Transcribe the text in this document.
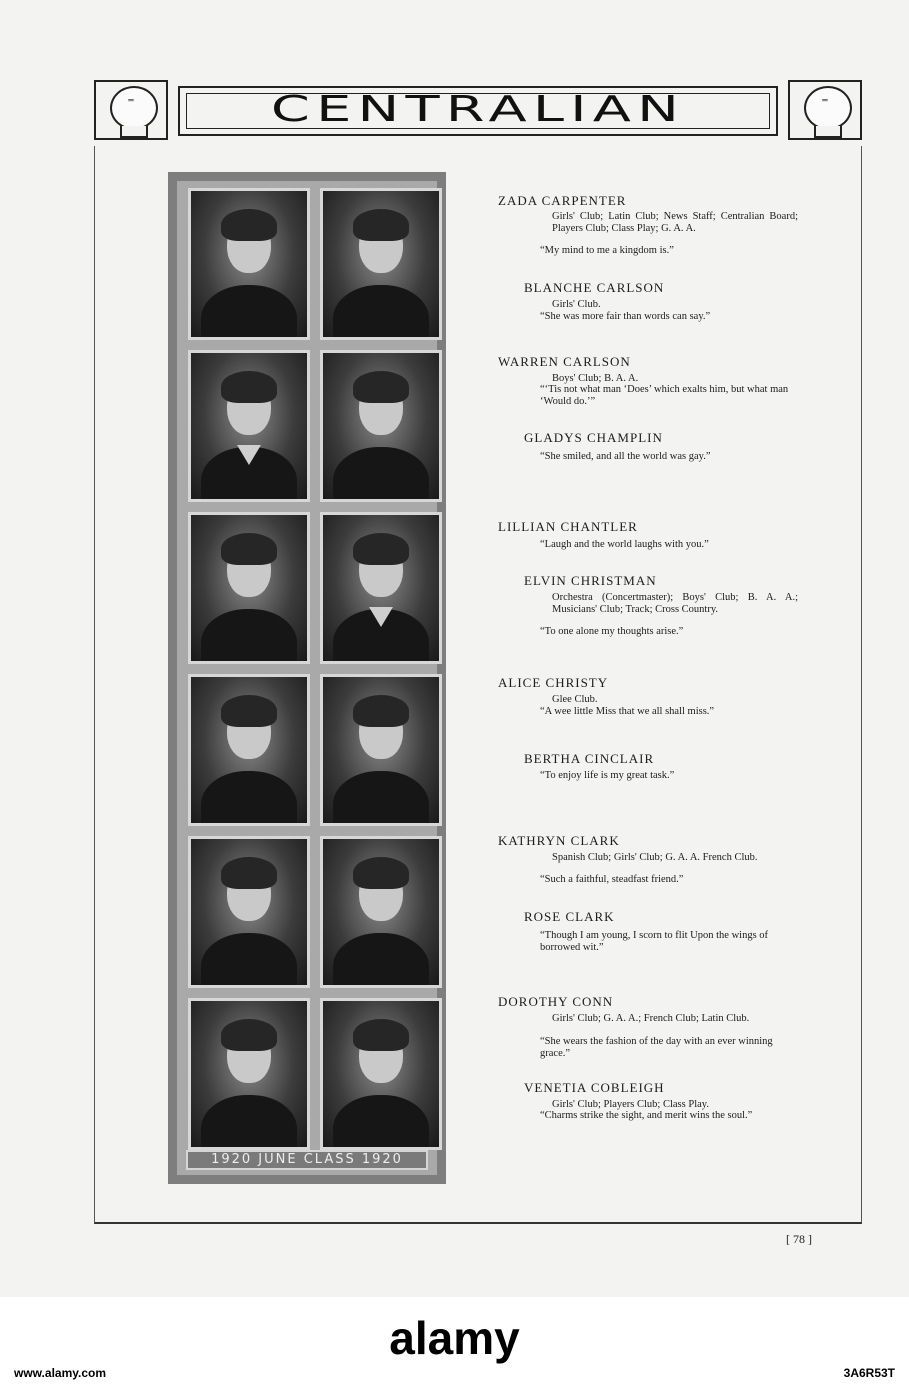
⁼	CENTRALIAN	⁼
1920 JUNE CLASS 1920
ZADA CARPENTER
Girls' Club; Latin Club; News Staff; Centralian Board; Players Club; Class Play; G. A. A.
“My mind to me a kingdom is.”
BLANCHE CARLSON
Girls' Club.
“She was more fair than words can say.”
WARREN CARLSON
Boys' Club; B. A. A.
“‘Tis not what man ‘Does’ which exalts him, but what man ‘Would do.’”
GLADYS CHAMPLIN
“She smiled, and all the world was gay.”
LILLIAN CHANTLER
“Laugh and the world laughs with you.”
ELVIN CHRISTMAN
Orchestra (Concertmaster); Boys' Club; B. A. A.; Musicians' Club; Track; Cross Country.
“To one alone my thoughts arise.”
ALICE CHRISTY
Glee Club.
“A wee little Miss that we all shall miss.”
BERTHA CINCLAIR
“To enjoy life is my great task.”
KATHRYN CLARK
Spanish Club; Girls' Club; G. A. A. French Club.
“Such a faithful, steadfast friend.”
ROSE CLARK
“Though I am young, I scorn to flit Upon the wings of borrowed wit.”
DOROTHY CONN
Girls' Club; G. A. A.; French Club; Latin Club.
“She wears the fashion of the day with an ever winning grace.”
VENETIA COBLEIGH
Girls' Club; Players Club; Class Play.
“Charms strike the sight, and merit wins the soul.”
[ 78 ]
alamy
www.alamy.com	3A6R53T
